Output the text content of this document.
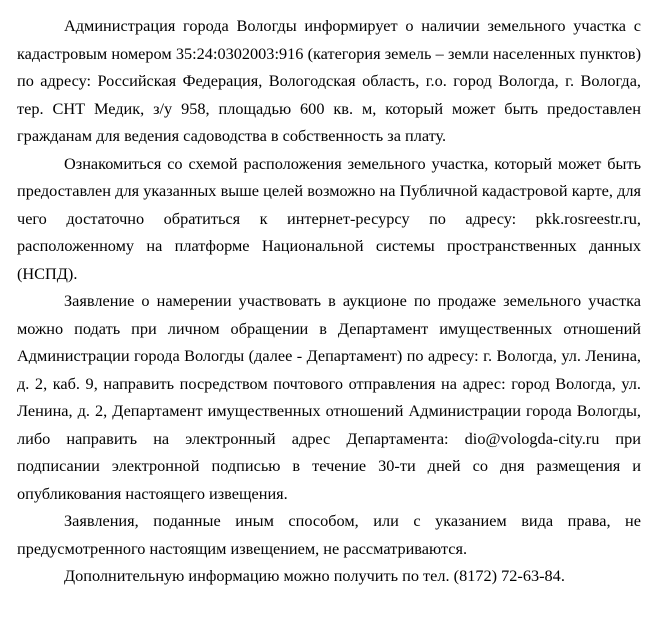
Администрация города Вологды информирует о наличии земельного участка с кадастровым номером 35:24:0302003:916 (категория земель – земли населенных пунктов) по адресу: Российская Федерация, Вологодская область, г.о. город Вологда, г. Вологда, тер. СНТ Медик, з/у 958, площадью 600 кв. м, который может быть предоставлен гражданам для ведения садоводства в собственность за плату.

Ознакомиться со схемой расположения земельного участка, который может быть предоставлен для указанных выше целей возможно на Публичной кадастровой карте, для чего достаточно обратиться к интернет-ресурсу по адресу: pkk.rosreestr.ru, расположенному на платформе Национальной системы пространственных данных (НСПД).

Заявление о намерении участвовать в аукционе по продаже земельного участка можно подать при личном обращении в Департамент имущественных отношений Администрации города Вологды (далее - Департамент) по адресу: г. Вологда, ул. Ленина, д. 2, каб. 9, направить посредством почтового отправления на адрес: город Вологда, ул. Ленина, д. 2, Департамент имущественных отношений Администрации города Вологды, либо направить на электронный адрес Департамента: dio@vologda-city.ru при подписании электронной подписью в течение 30-ти дней со дня размещения и опубликования настоящего извещения.

Заявления, поданные иным способом, или с указанием вида права, не предусмотренного настоящим извещением, не рассматриваются.

Дополнительную информацию можно получить по тел. (8172) 72-63-84.
